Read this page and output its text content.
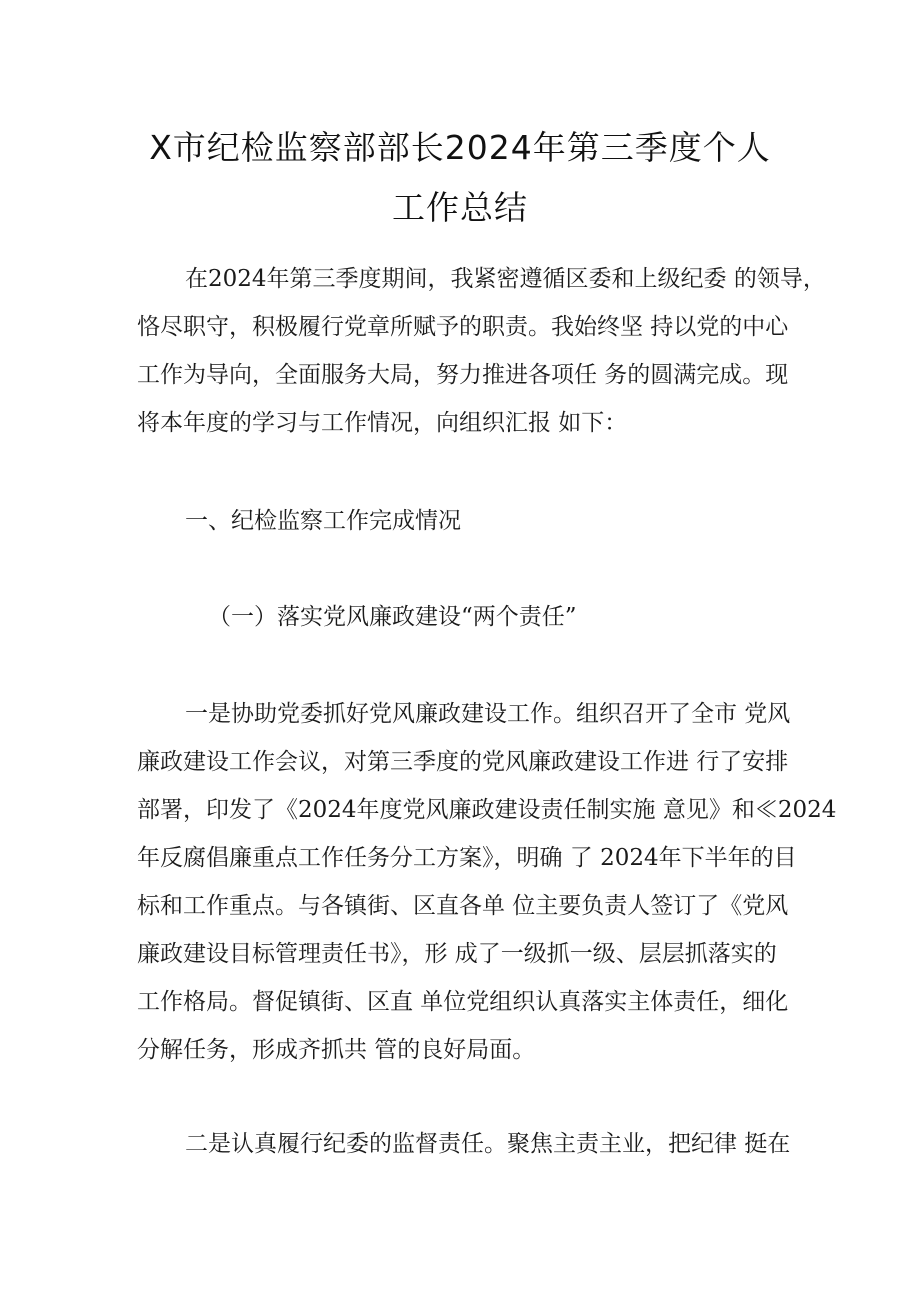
X市纪检监察部部长2024年第三季度个人
工作总结
在2024年第三季度期间，我紧密遵循区委和上级纪委 的领导，
恪尽职守，积极履行党章所赋予的职责。我始终坚 持以党的中心
工作为导向，全面服务大局，努力推进各项任 务的圆满完成。现
将本年度的学习与工作情况，向组织汇报 如下：
一、纪检监察工作完成情况
（一）落实党风廉政建设“两个责任”
一是协助党委抓好党风廉政建设工作。组织召开了全市 党风
廉政建设工作会议，对第三季度的党风廉政建设工作进 行了安排
部署，印发了《2024年度党风廉政建设责任制实施 意见》和≪2024
年反腐倡廉重点工作任务分工方案》，明确 了 2024年下半年的目
标和工作重点。与各镇街、区直各单 位主要负责人签订了《党风
廉政建设目标管理责任书》，形 成了一级抓一级、层层抓落实的
工作格局。督促镇街、区直 单位党组织认真落实主体责任，细化
分解任务，形成齐抓共 管的良好局面。
二是认真履行纪委的监督责任。聚焦主责主业，把纪律 挺在
